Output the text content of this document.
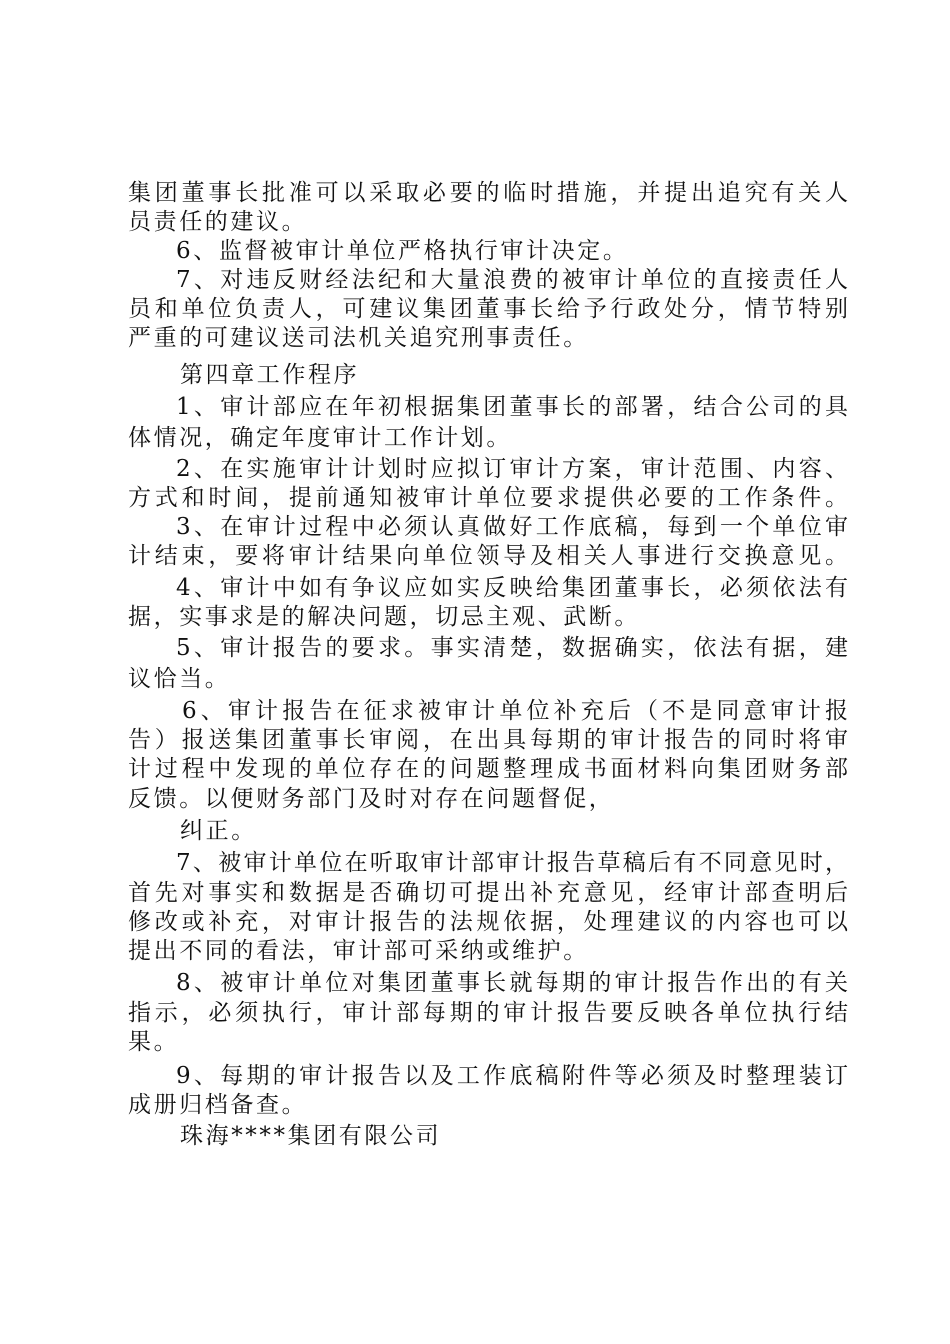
集团董事长批准可以采取必要的临时措施，并提出追究有关人
员责任的建议。
6、监督被审计单位严格执行审计决定。
7、对违反财经法纪和大量浪费的被审计单位的直接责任人
员和单位负责人，可建议集团董事长给予行政处分，情节特别
严重的可建议送司法机关追究刑事责任。
第四章工作程序
1、审计部应在年初根据集团董事长的部署，结合公司的具
体情况，确定年度审计工作计划。
2、在实施审计计划时应拟订审计方案，审计范围、内容、
方式和时间，提前通知被审计单位要求提供必要的工作条件。
3、在审计过程中必须认真做好工作底稿，每到一个单位审
计结束，要将审计结果向单位领导及相关人事进行交换意见。
4、审计中如有争议应如实反映给集团董事长，必须依法有
据，实事求是的解决问题，切忌主观、武断。
5、审计报告的要求。事实清楚，数据确实，依法有据，建
议恰当。
6、审计报告在征求被审计单位补充后（不是同意审计报
告）报送集团董事长审阅，在出具每期的审计报告的同时将审
计过程中发现的单位存在的问题整理成书面材料向集团财务部
反馈。以便财务部门及时对存在问题督促，
纠正。
7、被审计单位在听取审计部审计报告草稿后有不同意见时，
首先对事实和数据是否确切可提出补充意见，经审计部查明后
修改或补充，对审计报告的法规依据，处理建议的内容也可以
提出不同的看法，审计部可采纳或维护。
8、被审计单位对集团董事长就每期的审计报告作出的有关
指示，必须执行，审计部每期的审计报告要反映各单位执行结
果。
9、每期的审计报告以及工作底稿附件等必须及时整理装订
成册归档备查。
珠海****集团有限公司
